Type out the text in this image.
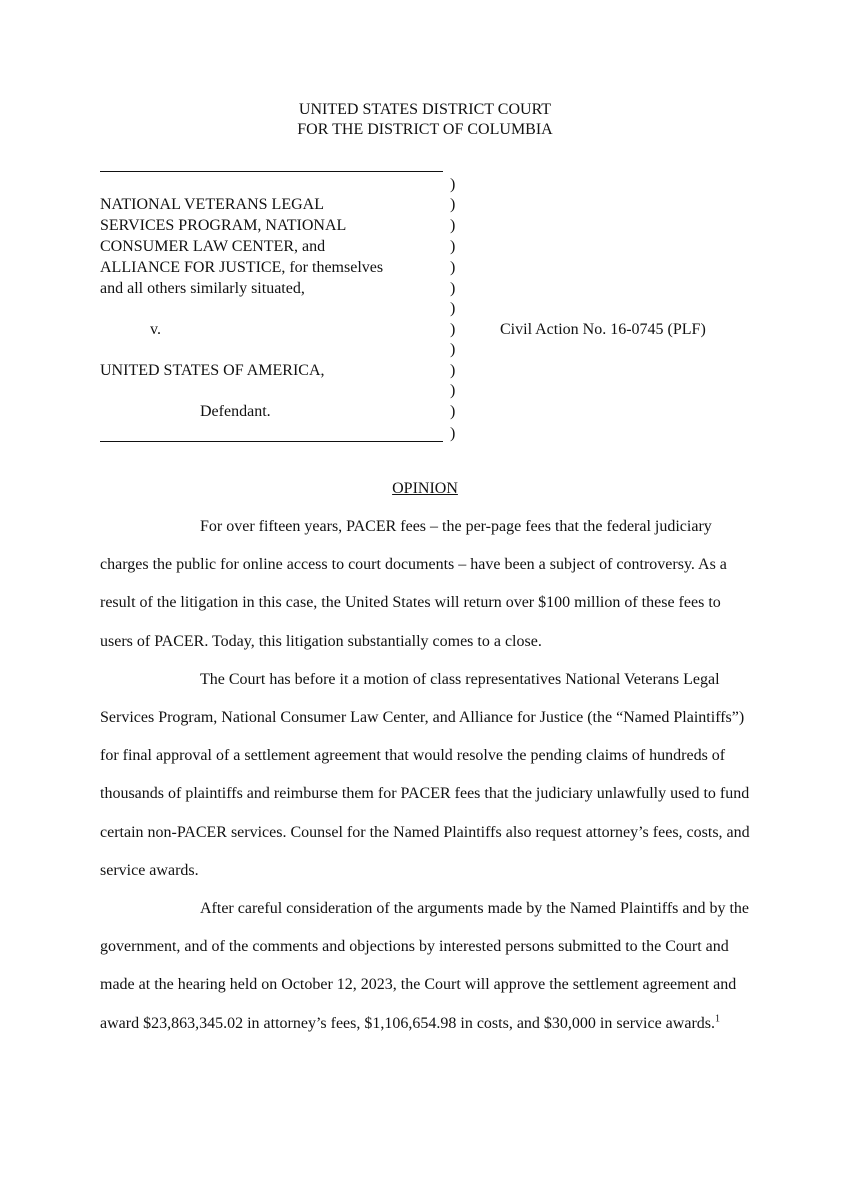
UNITED STATES DISTRICT COURT
FOR THE DISTRICT OF COLUMBIA
NATIONAL VETERANS LEGAL
SERVICES PROGRAM, NATIONAL
CONSUMER LAW CENTER, and
ALLIANCE FOR JUSTICE, for themselves
and all others similarly situated,
v.
UNITED STATES OF AMERICA,
Defendant.
)
)
)
)
)
)
)
)
)
)
)
)
)
Civil Action No. 16-0745 (PLF)
OPINION

For over fifteen years, PACER fees – the per-page fees that the federal judiciary charges the public for online access to court documents – have been a subject of controversy. As a result of the litigation in this case, the United States will return over $100 million of these fees to users of PACER. Today, this litigation substantially comes to a close.

The Court has before it a motion of class representatives National Veterans Legal Services Program, National Consumer Law Center, and Alliance for Justice (the “Named Plaintiffs”) for final approval of a settlement agreement that would resolve the pending claims of hundreds of thousands of plaintiffs and reimburse them for PACER fees that the judiciary unlawfully used to fund certain non-PACER services. Counsel for the Named Plaintiffs also request attorney’s fees, costs, and service awards.

After careful consideration of the arguments made by the Named Plaintiffs and by the government, and of the comments and objections by interested persons submitted to the Court and made at the hearing held on October 12, 2023, the Court will approve the settlement agreement and award $23,863,345.02 in attorney’s fees, $1,106,654.98 in costs, and $30,000 in service awards.$^1$
